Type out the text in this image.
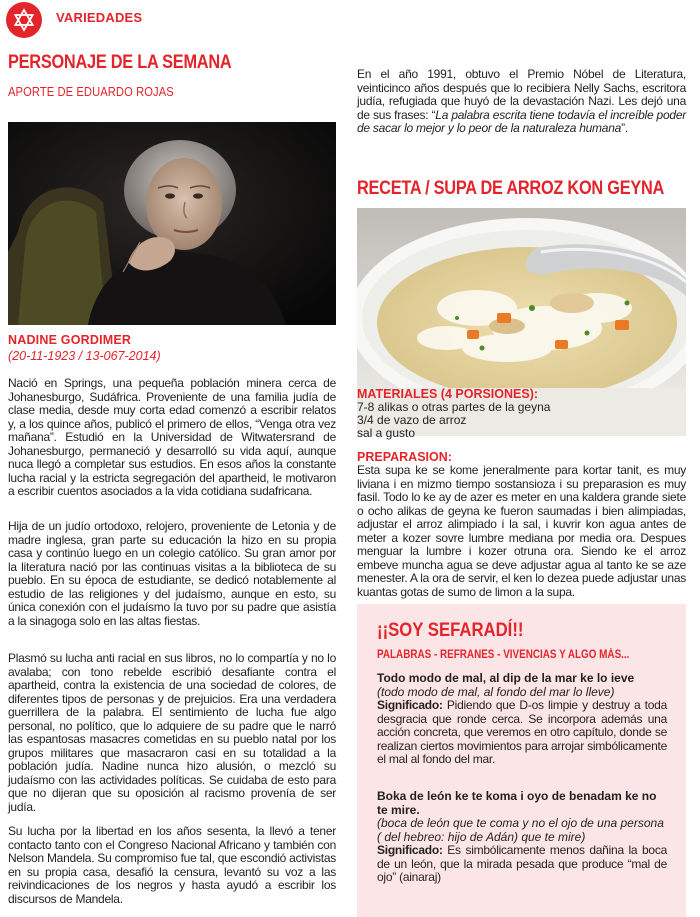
VARIEDADES
PERSONAJE DE LA SEMANA
APORTE DE EDUARDO ROJAS
NADINE GORDIMER
(20-11-1923 / 13-067-2014)

Nació en Springs, una pequeña población minera cerca de Johanesburgo, Sudáfrica. Proveniente de una familia judía de clase media, desde muy corta edad comenzó a escribir relatos y, a los quince años, publicó el primero de ellos, “Venga otra vez mañana”. Estudió en la Universidad de Witwatersrand de Johanesburgo, permaneció y desarrolló su vida aquí, aunque nuca llegó a completar sus estudios. En esos años la constante lucha racial y la estricta segregación del apartheid, le motivaron a escribir cuentos asociados a la vida cotidiana sudafricana.

Hija de un judío ortodoxo, relojero, proveniente de Letonia y de madre inglesa, gran parte su educación la hizo en su propia casa y continúo luego en un colegio católico. Su gran amor por la literatura nació por las continuas visitas a la biblioteca de su pueblo. En su época de estudiante, se dedicó notablemente al estudio de las religiones y del judaísmo, aunque en esto, su única conexión con el judaísmo la tuvo por su padre que asistía a la sinagoga solo en las altas fiestas.

Plasmó su lucha anti racial en sus libros, no lo compartía y no lo avalaba; con tono rebelde escribió desafiante contra el apartheid, contra la existencia de una sociedad de colores, de diferentes tipos de personas y de prejuicios. Era una verdadera guerrillera de la palabra. El sentimiento de lucha fue algo personal, no político, que lo adquiere de su padre que le narró las espantosas masacres cometidas en su pueblo natal por los grupos militares que masacraron casi en su totalidad a la población judía. Nadine nunca hizo alusión, o mezcló su judaísmo con las actividades políticas. Se cuidaba de esto para que no dijeran que su oposición al racismo provenía de ser judía.

Su lucha por la libertad en los años sesenta, la llevó a tener contacto tanto con el Congreso Nacional Africano y también con Nelson Mandela. Su compromiso fue tal, que escondió activistas en su propia casa, desafió la censura, levantó su voz a las reivindicaciones de los negros y hasta ayudó a escribir los discursos de Mandela.

En el año 1991, obtuvo el Premio Nóbel de Literatura, veinticinco años después que lo recibiera Nelly Sachs, escritora judía, refugiada que huyó de la devastación Nazi. Les dejó una de sus frases: “La palabra escrita tiene todavía el increíble poder de sacar lo mejor y lo peor de la naturaleza humana”.

RECETA / SUPA DE ARROZ KON GEYNA
MATERIALES (4 PORSIONES):
7-8 alikas o otras partes de la geyna
3/4 de vazo de arroz
sal a gusto
PREPARASION:

Esta supa ke se kome jeneralmente para kortar tanit, es muy liviana i en mizmo tiempo sostansioza i su preparasion es muy fasil. Todo lo ke ay de azer es meter en una kaldera grande siete o ocho alikas de geyna ke fueron saumadas i bien alimpiadas, adjustar el arroz alimpiado i la sal, i kuvrir kon agua antes de meter a kozer sovre lumbre mediana por media ora. Despues menguar la lumbre i kozer otruna ora. Siendo ke el arroz embeve muncha agua se deve adjustar agua al tanto ke se aze menester. A la ora de servir, el ken lo dezea puede adjustar unas kuantas gotas de sumo de limon a la supa.

¡¡SOY SEFARADÍ!!
PALABRAS - REFRANES - VIVENCIAS Y ALGO MÁS...
Todo modo de mal, al dip de la mar ke lo ieve
(todo modo de mal, al fondo del mar lo lleve)

Significado: Pidiendo que D-os limpie y destruy a toda desgracia que ronde cerca. Se incorpora además una acción concreta, que veremos en otro capítulo, donde se realizan ciertos movimientos para arrojar simbólicamente el mal al fondo del mar.

Boka de león ke te koma i oyo de benadam ke no te mire.
(boca de león que te coma y no el ojo de una persona ( del hebreo: hijo de Adán) que te mire)

Significado: Es simbólicamente menos dañina la boca de un león, que la mirada pesada que produce “mal de ojo” (ainaraj)
